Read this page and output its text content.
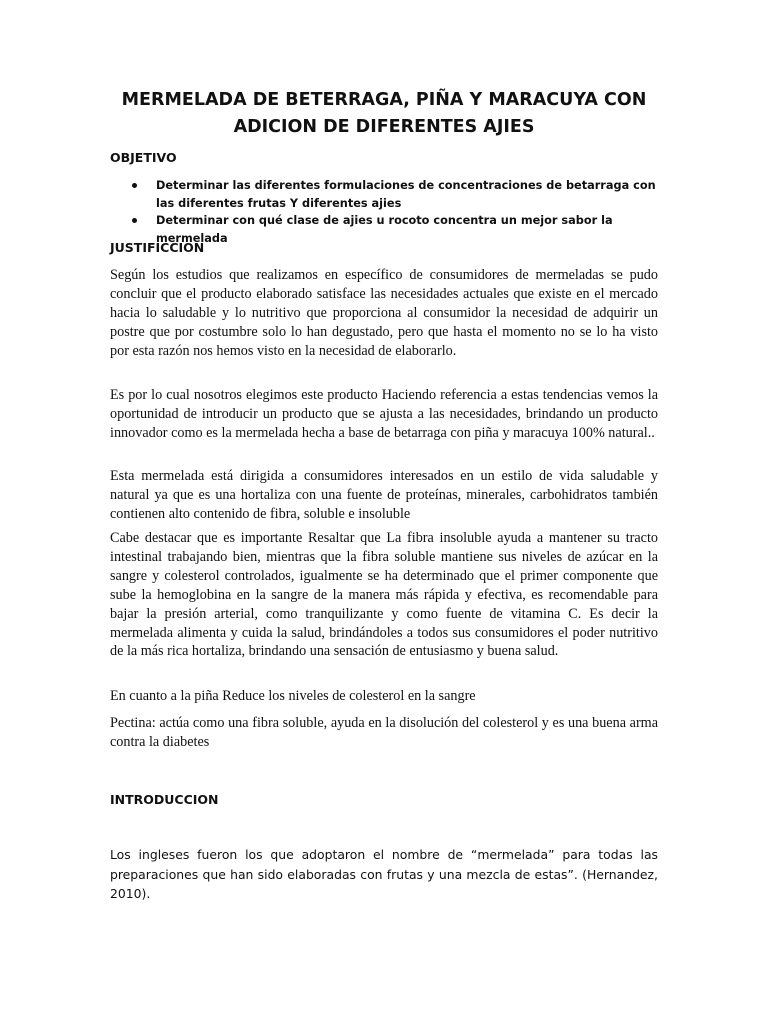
MERMELADA DE BETERRAGA, PIÑA Y MARACUYA CON ADICION DE DIFERENTES AJIES
OBJETIVO
Determinar las diferentes formulaciones de concentraciones de betarraga con las diferentes frutas Y diferentes ajies
Determinar con qué clase de ajies u rocoto concentra un mejor sabor la mermelada
JUSTIFICCION
Según los estudios que realizamos en específico de consumidores de mermeladas se pudo concluir que el producto elaborado satisface las necesidades actuales que existe en el mercado hacia lo saludable y lo nutritivo que proporciona al consumidor la necesidad de adquirir un postre que por costumbre solo lo han degustado, pero que hasta el momento no se lo ha visto por esta razón nos hemos visto en la necesidad de elaborarlo.
Es por lo cual nosotros elegimos este producto Haciendo referencia a estas tendencias vemos la oportunidad de introducir un producto que se ajusta a las necesidades, brindando un producto innovador como es la mermelada hecha a base de betarraga con piña y maracuya 100% natural..
Esta mermelada está dirigida a consumidores interesados en un estilo de vida saludable y natural ya que es una hortaliza con una fuente de proteínas, minerales, carbohidratos también contienen alto contenido de fibra, soluble e insoluble
Cabe destacar que es importante Resaltar que La fibra insoluble ayuda a mantener su tracto intestinal trabajando bien, mientras que la fibra soluble mantiene sus niveles de azúcar en la sangre y colesterol controlados, igualmente se ha determinado que el primer componente que sube la hemoglobina en la sangre de la manera más rápida y efectiva, es recomendable para bajar la presión arterial, como tranquilizante y como fuente de vitamina C. Es decir la mermelada alimenta y cuida la salud, brindándoles a todos sus consumidores el poder nutritivo de la más rica hortaliza, brindando una sensación de entusiasmo y buena salud.
En cuanto a la piña Reduce los niveles de colesterol en la sangre
Pectina: actúa como una fibra soluble, ayuda en la disolución del colesterol y es una buena arma contra la diabetes
INTRODUCCION
Los ingleses fueron los que adoptaron el nombre de “mermelada” para todas las preparaciones que han sido elaboradas con frutas y una mezcla de estas”. (Hernandez, 2010).
